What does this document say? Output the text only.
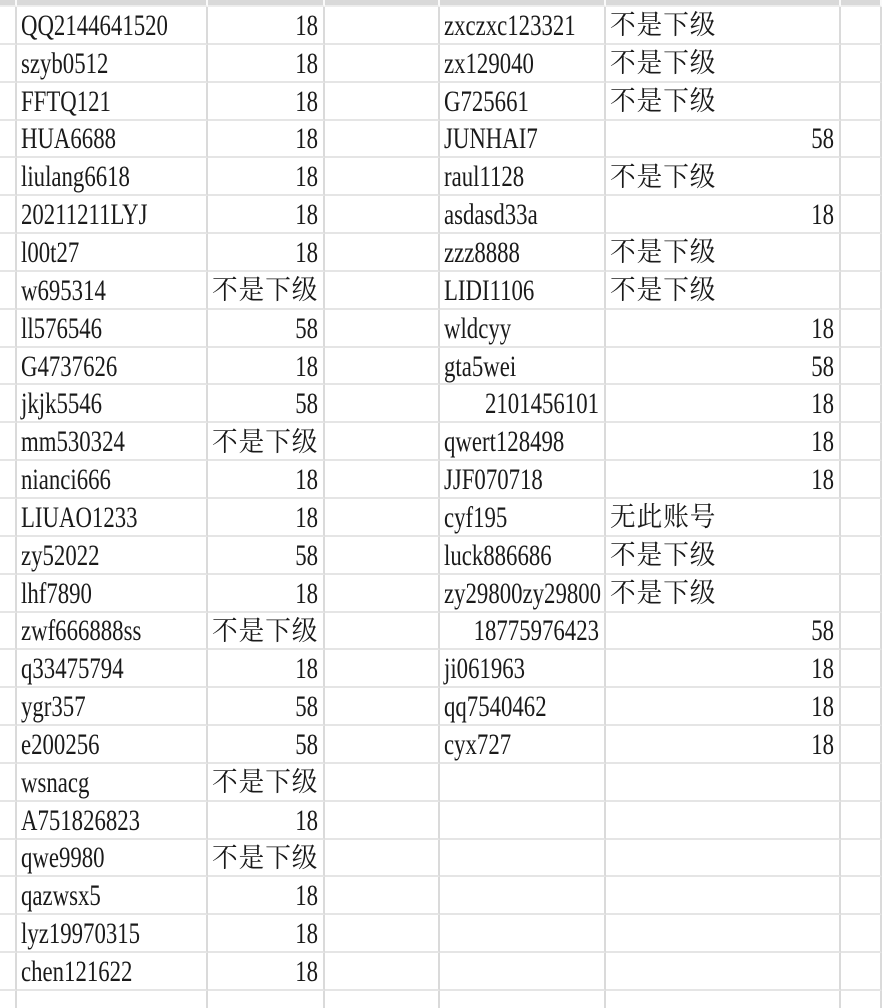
QQ2144641520	18	zxczxc123321 不是下级
szyb0512	18	zx129040	不是下级
FFTQ121	18	G725661	不是下级
HUA6688	18	JUNHAI7	58
liulang6618	18	raul1128	不是下级
20211211LYJ	18	asdasd33a	18
l00t27	18	zzz8888	不是下级
w695314	不是下级	LIDI1106	不是下级
ll576546	58	wldcyy	18
G4737626	18	gta5wei	58
jkjk5546	58	2101456101	18
mm530324	不是下级	qwert128498	18
nianci666	18	JJF070718	18
LIUAO1233	18	cyf195	无此账号
zy52022	58	luck886686 不是下级
lhf7890	18	zy29800zy29800 不是下级
zwf666888ss	不是下级	18775976423	58
q33475794	18	ji061963	18
ygr357	58	qq7540462	18
e200256	58	cyx727	18
wsnacg	不是下级
A751826823	18
qwe9980	不是下级
qazwsx5	18
lyz19970315	18
chen121622	18
